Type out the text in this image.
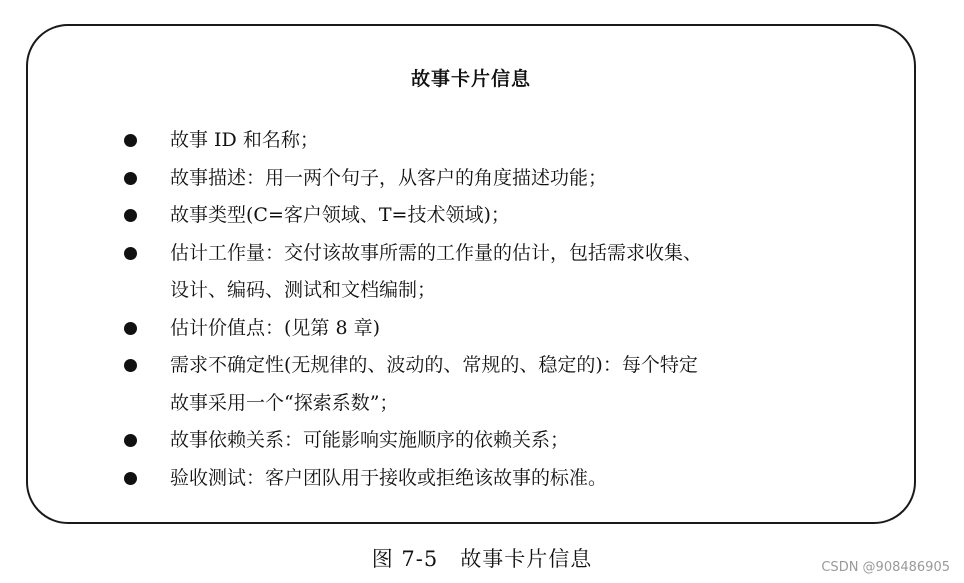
故事卡片信息
故事 ID 和名称；
故事描述：用一两个句子，从客户的角度描述功能；
故事类型(C=客户领域、T=技术领域)；
估计工作量：交付该故事所需的工作量的估计，包括需求收集、
设计、编码、测试和文档编制；
估计价值点：(见第 8 章)
需求不确定性(无规律的、波动的、常规的、稳定的)：每个特定
故事采用一个“探索系数”；
故事依赖关系：可能影响实施顺序的依赖关系；
验收测试：客户团队用于接收或拒绝该故事的标准。
图 7-5 故事卡片信息	CSDN @908486905
